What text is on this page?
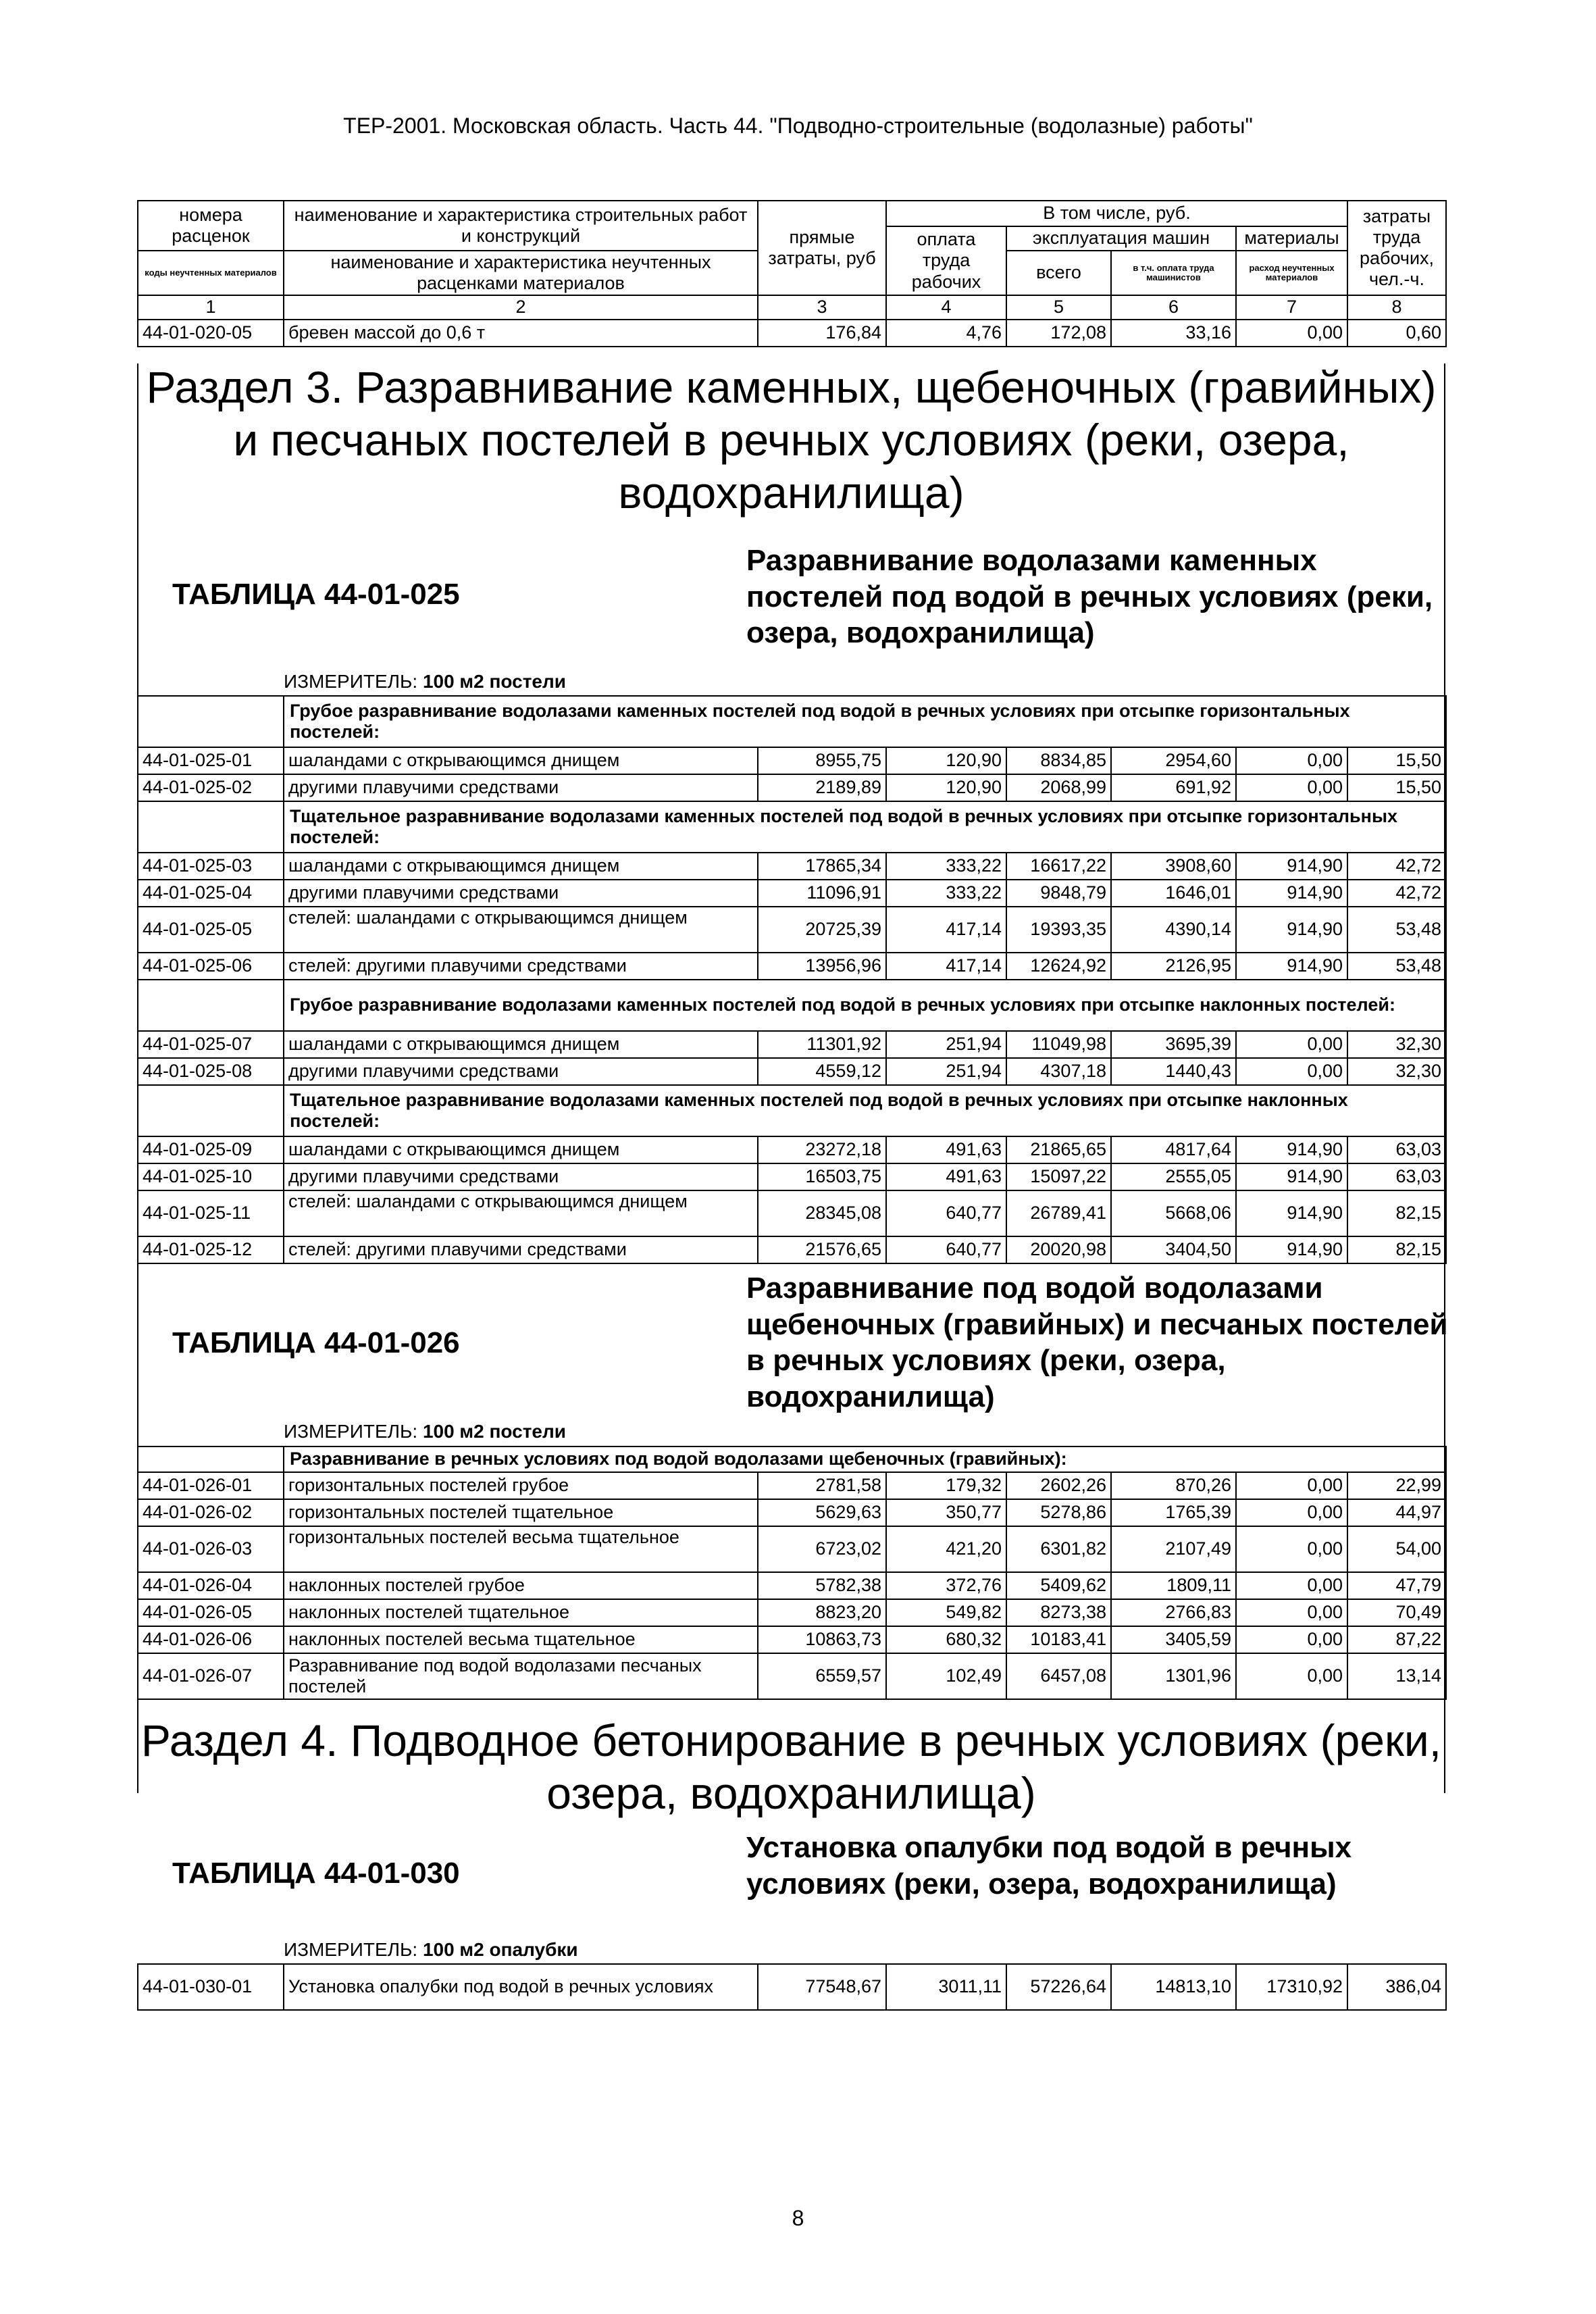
ТЕР-2001. Московская область. Часть 44. "Подводно-строительные (водолазные) работы"
номера расценок	наименование и характеристика строительных работ и конструкций	прямые затраты, руб	В том числе, руб.				затраты труда рабочих, чел.-ч.
			оплата труда рабочих	эксплуатация машин		материалы	
коды неучтенных материалов	наименование и характеристика неучтенных расценками материалов			всего	в т.ч. оплата труда машинистов	расход неучтенных материалов	
1	2	3	4	5	6	7	8
44-01-020-05	бревен массой до 0,6 т	176,84	4,76	172,08	33,16	0,00	0,60
Раздел 3. Разравнивание каменных, щебеночных (гравийных) и песчаных постелей в речных условиях (реки, озера, водохранилища)
ТАБЛИЦА 44-01-025
Разравнивание водолазами каменных постелей под водой в речных условиях (реки, озера, водохранилища)
ИЗМЕРИТЕЛЬ: 100 м2 постели
	Грубое разравнивание водолазами каменных постелей под водой в речных условиях при отсыпке горизонтальных постелей:						
44-01-025-01	шаландами с открывающимся днищем	8955,75	120,90	8834,85	2954,60	0,00	15,50
44-01-025-02	другими плавучими средствами	2189,89	120,90	2068,99	691,92	0,00	15,50
	Тщательное разравнивание водолазами каменных постелей под водой в речных условиях при отсыпке горизонтальных постелей:						
44-01-025-03	шаландами с открывающимся днищем	17865,34	333,22	16617,22	3908,60	914,90	42,72
44-01-025-04	другими плавучими средствами	11096,91	333,22	9848,79	1646,01	914,90	42,72
44-01-025-05	стелей: шаландами с открывающимся днищем	20725,39	417,14	19393,35	4390,14	914,90	53,48
44-01-025-06	стелей: другими плавучими средствами	13956,96	417,14	12624,92	2126,95	914,90	53,48
	Грубое разравнивание водолазами каменных постелей под водой в речных условиях при отсыпке наклонных постелей:						
44-01-025-07	шаландами с открывающимся днищем	11301,92	251,94	11049,98	3695,39	0,00	32,30
44-01-025-08	другими плавучими средствами	4559,12	251,94	4307,18	1440,43	0,00	32,30
	Тщательное разравнивание водолазами каменных постелей под водой в речных условиях при отсыпке наклонных постелей:						
44-01-025-09	шаландами с открывающимся днищем	23272,18	491,63	21865,65	4817,64	914,90	63,03
44-01-025-10	другими плавучими средствами	16503,75	491,63	15097,22	2555,05	914,90	63,03
44-01-025-11	стелей: шаландами с открывающимся днищем	28345,08	640,77	26789,41	5668,06	914,90	82,15
44-01-025-12	стелей: другими плавучими средствами	21576,65	640,77	20020,98	3404,50	914,90	82,15
ТАБЛИЦА 44-01-026
Разравнивание под водой водолазами щебеночных (гравийных) и песчаных постелей в речных условиях (реки, озера, водохранилища)
ИЗМЕРИТЕЛЬ: 100 м2 постели
	Разравнивание в речных условиях под водой водолазами щебеночных (гравийных):						
44-01-026-01	горизонтальных постелей грубое	2781,58	179,32	2602,26	870,26	0,00	22,99
44-01-026-02	горизонтальных постелей тщательное	5629,63	350,77	5278,86	1765,39	0,00	44,97
44-01-026-03	горизонтальных постелей весьма тщательное	6723,02	421,20	6301,82	2107,49	0,00	54,00
44-01-026-04	наклонных постелей грубое	5782,38	372,76	5409,62	1809,11	0,00	47,79
44-01-026-05	наклонных постелей тщательное	8823,20	549,82	8273,38	2766,83	0,00	70,49
44-01-026-06	наклонных постелей весьма тщательное	10863,73	680,32	10183,41	3405,59	0,00	87,22
44-01-026-07	Разравнивание под водой водолазами песчаных постелей	6559,57	102,49	6457,08	1301,96	0,00	13,14
Раздел 4. Подводное бетонирование в речных условиях (реки, озера, водохранилища)
ТАБЛИЦА 44-01-030
Установка опалубки под водой в речных условиях (реки, озера, водохранилища)
ИЗМЕРИТЕЛЬ: 100 м2 опалубки
44-01-030-01	Установка опалубки под водой в речных условиях	77548,67	3011,11	57226,64	14813,10	17310,92	386,04
8
